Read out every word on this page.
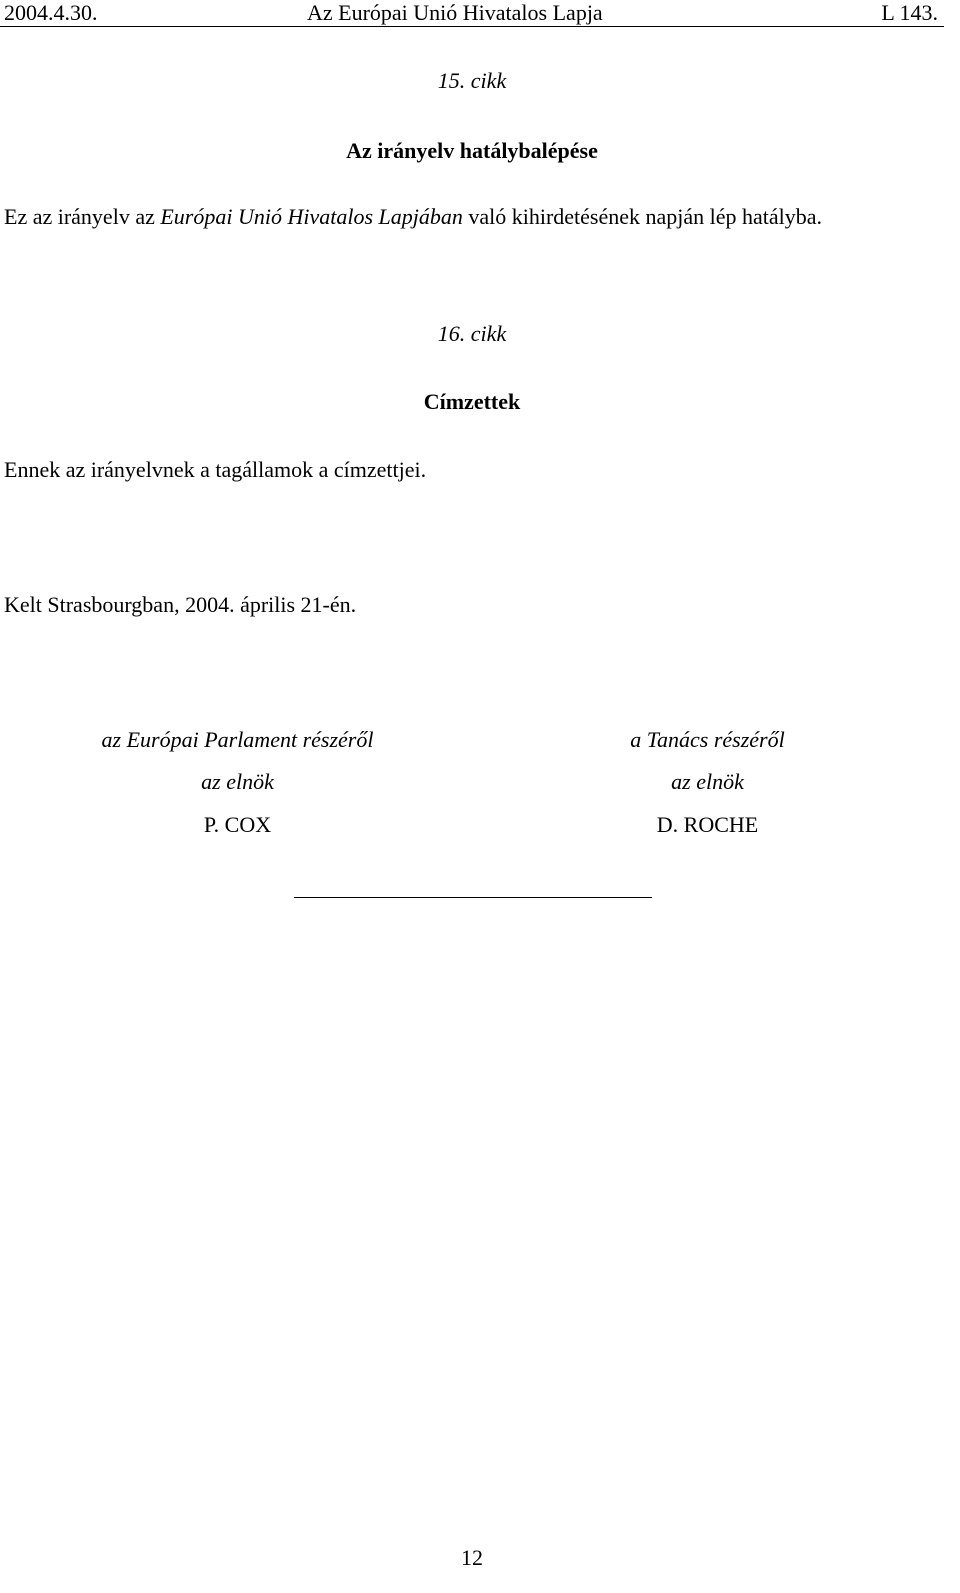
2004.4.30.	Az Európai Unió Hivatalos Lapja	L 143.
15. cikk
Az irányelv hatálybalépése
Ez az irányelv az Európai Unió Hivatalos Lapjában való kihirdetésének napján lép hatályba.
16. cikk
Címzettek
Ennek az irányelvnek a tagállamok a címzettjei.
Kelt Strasbourgban, 2004. április 21-én.
az Európai Parlament részéről
az elnök
P. COX
a Tanács részéről
az elnök
D. ROCHE
12
